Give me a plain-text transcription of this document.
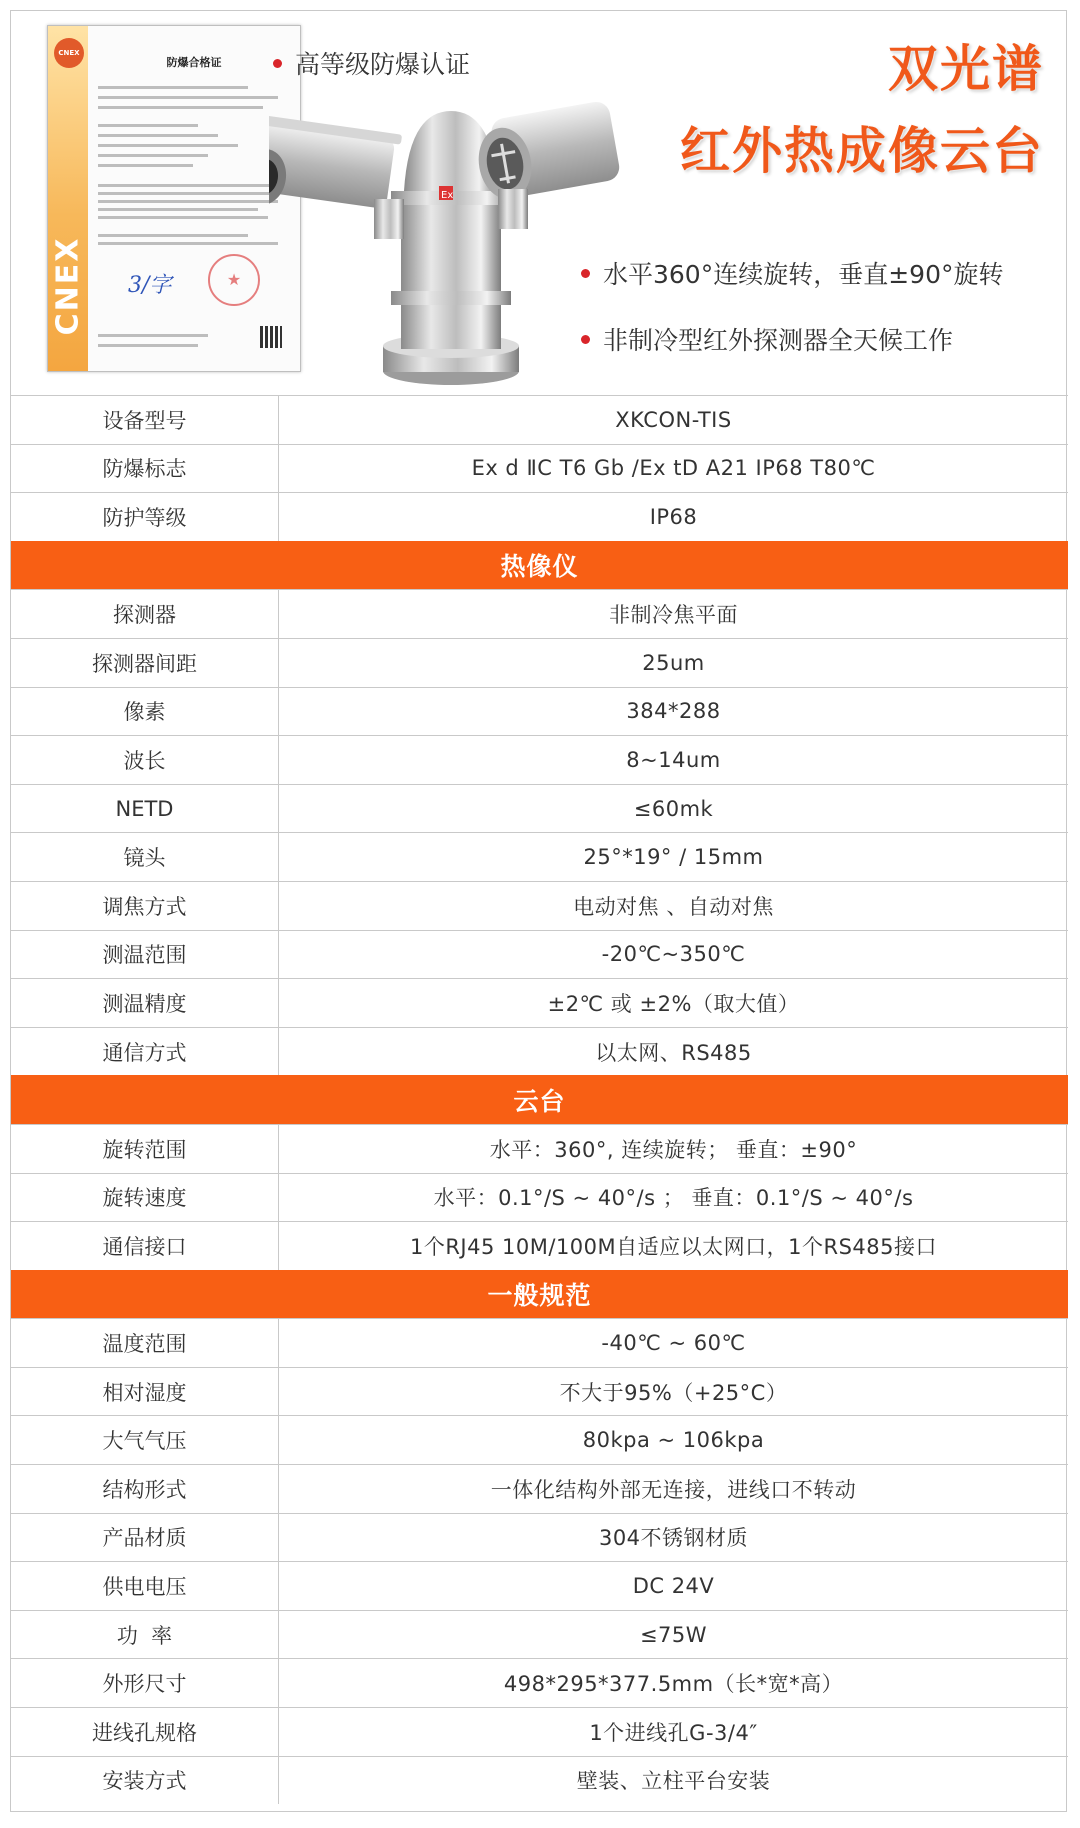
CNEX
CNEX
防爆合格证
3/字
★
Ex
高等级防爆认证	双光谱
红外热成像云台
水平360°连续旋转，垂直±90°旋转
非制冷型红外探测器全天候工作
设备型号	XKCON-TIS
防爆标志	Ex d ⅡC T6 Gb /Ex tD A21 IP68 T80℃
防护等级	IP68
热像仪
探测器	非制冷焦平面
探测器间距	25um
像素	384*288
波长	8~14um
NETD	≤60mk
镜头	25°*19° / 15mm
调焦方式	电动对焦 、自动对焦
测温范围	-20℃~350℃
测温精度	±2℃ 或 ±2%（取大值）
通信方式	以太网、RS485
云台
旋转范围	水平：360°, 连续旋转； 垂直：±90°
旋转速度	水平：0.1°/S ~ 40°/s ； 垂直：0.1°/S ~ 40°/s
通信接口	1个RJ45 10M/100M自适应以太网口，1个RS485接口
一般规范
温度范围	-40℃ ~ 60℃
相对湿度	不大于95%（+25°C）
大气气压	80kpa ~ 106kpa
结构形式	一体化结构外部无连接，进线口不转动
产品材质	304不锈钢材质
供电电压	DC 24V
功  率	≤75W
外形尺寸	498*295*377.5mm（长*宽*高）
进线孔规格	1个进线孔G-3/4″
安装方式	壁装、立柱平台安装
